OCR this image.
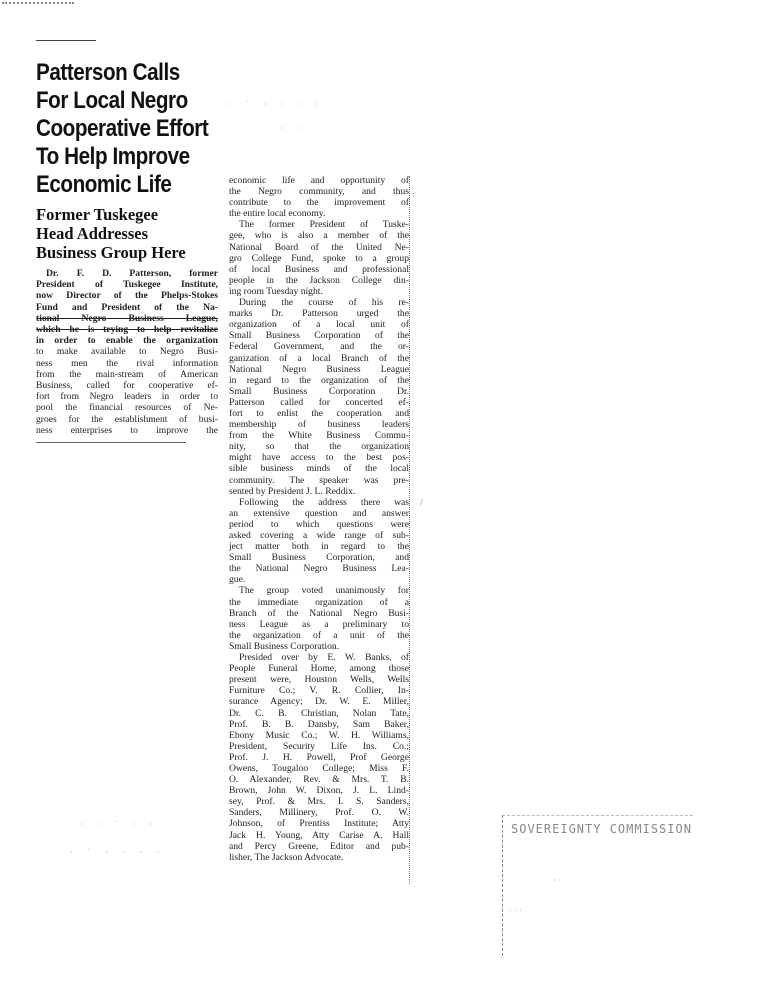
Patterson Calls
For Local Negro
Cooperative Effort
To Help Improve
Economic Life
Former Tuskegee
Head Addresses
Business Group Here
Dr. F. D. Patterson, former
President of Tuskegee Institute,
now Director of the Phelps-Stokes
Fund and President of the Na-
tional Negro Business League,
which he is trying to help revitalize
in order to enable the organization
to make available to Negro Busi-
ness men the rival information
from the main-stream of American
Business, called for cooperative ef-
fort from Negro leaders in order to
pool the financial resources of Ne-
groes for the establishment of busi-
ness enterprises to improve the
economic life and opportunity of
the Negro community, and thus
contribute to the improvement of
the entire local economy.
The former President of Tuske-
gee, who is also a member of the
National Board of the United Ne-
gro College Fund, spoke to a group
of local Business and professional
people in the Jackson College din-
ing room Tuesday night.
During the course of his re-
marks Dr. Patterson urged the
organization of a local unit of
Small Business Corporation of the
Federal Government, and the or-
ganization of a local Branch of the
National Negro Business League
in regard to the organization of the
Small Business Corporation Dr.
Patterson called for concerted ef-
fort to enlist the cooperation and
membership of business leaders
from the White Business Commu-
nity, so that the organization
might have access to the best pos-
sible business minds of the local
community. The speaker was pre-
sented by President J. L. Reddix.
Following the address there was
an extensive question and answer
period to which questions were
asked covering a wide range of sub-
ject matter both in regard to the
Small Business Corporation, and
the National Negro Business Lea-
gue.
The group voted unanimously for
the immediate organization of a
Branch of the National Negro Busi-
ness League as a preliminary to
the organization of a unit of the
Small Business Corporation.
Presided over by E. W. Banks, of
People Funeral Home, among those
present were, Houston Wells, Wells
Furniture Co.; V. R. Collier, In-
surance Agency; Dr. W. E. Miller,
Dr. C. B. Christian, Nolan Tate,
Prof. B. B. Dansby, Sam Baker,
Ebony Music Co.; W. H. Williams,
President, Security Life Ins. Co.;
Prof. J. H. Powell, Prof George
Owens, Tougaloo College; Miss F.
O. Alexander, Rev. & Mrs. T. B.
Brown, John W. Dixon, J. L. Lind-
sey, Prof. & Mrs. I. S. Sanders,
Sanders, Millinery, Prof. O. W.
Johnson, of Prentiss Institute; Atty
Jack H. Young, Atty Carise A. Hall
and Percy Greene, Editor and pub-
lisher, The Jackson Advocate.
· ˙ · · · ·
· ·
· · ˙ · ·
· ˙ · · · ·
:
/
SOVEREIGNTY COMMISSION
· ·
· · ·
